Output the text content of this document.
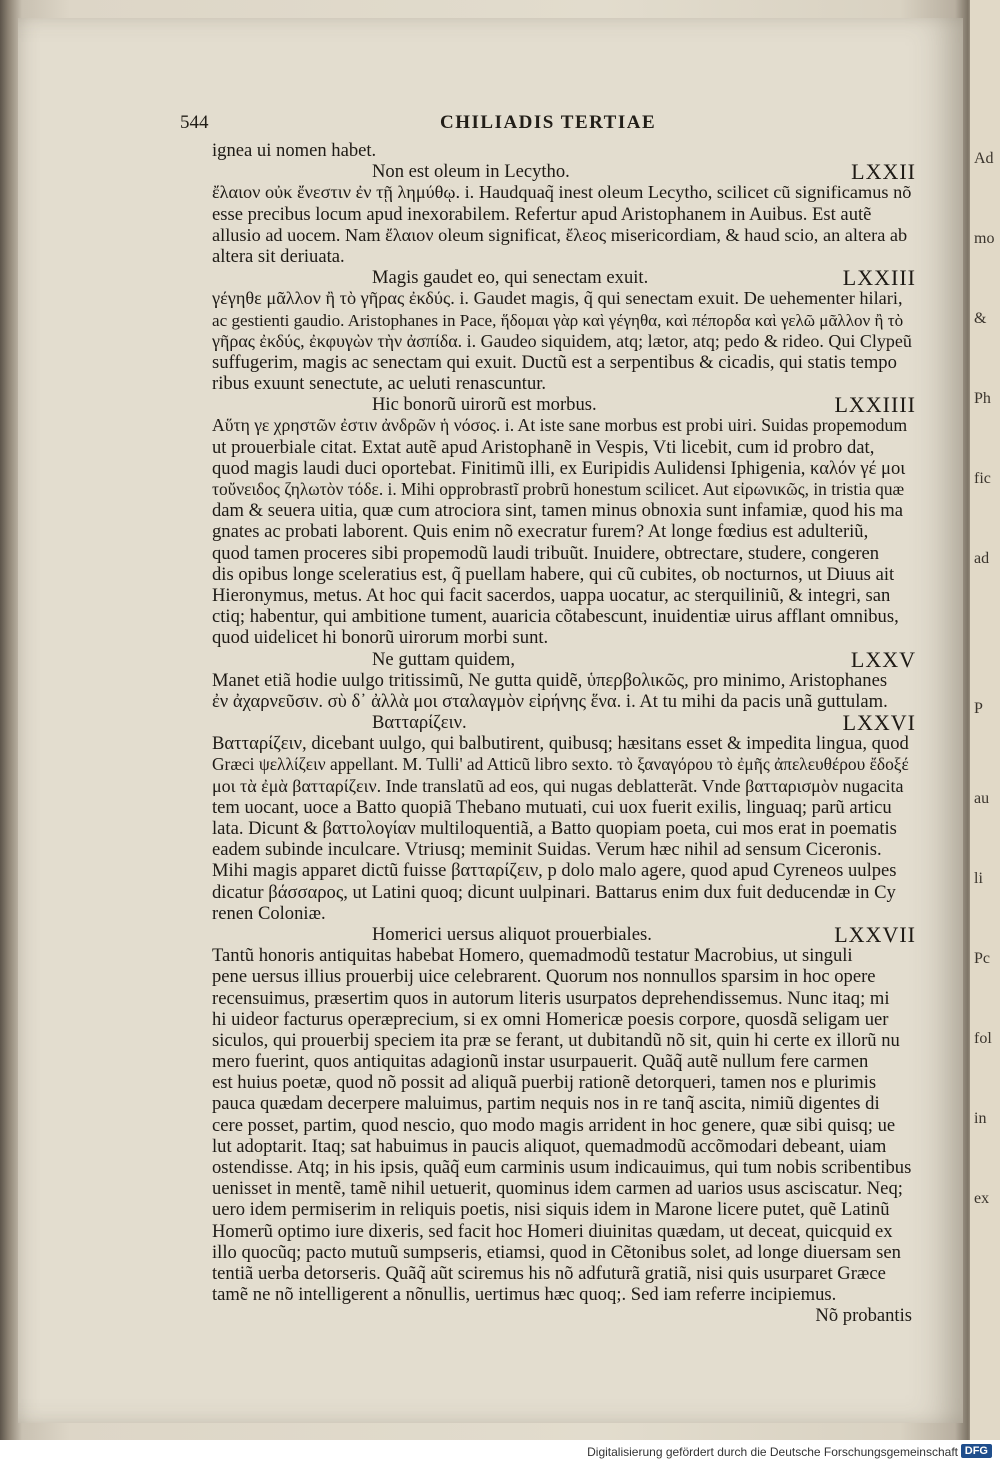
Ad
mo
&
Ph
fic
ad
P
au
li
Pc
fol
in
ex
544	CHILIADIS TERTIAE
ignea ui nomen habet.
Non est oleum in Lecytho.	LXXII
ἔλαιον οὐκ ἔνεστιν ἐν τῇ λημύθῳ. i. Haudquaq̃ inest oleum Lecytho, scilicet cũ significamus nõ
esse precibus locum apud inexorabilem. Refertur apud Aristophanem in Auibus. Est autẽ
allusio ad uocem. Nam ἔλαιον oleum significat, ἔλεος misericordiam, & haud scio, an altera ab
altera sit deriuata.
Magis gaudet eo, qui senectam exuit.	LXXIII
γέγηθε μᾶλλον ἢ τὸ γῆρας ἐκδύς. i. Gaudet magis, q̃ qui senectam exuit. De uehementer hilari,
ac gestienti gaudio. Aristophanes in Pace, ἥδομαι γὰρ καὶ γέγηθα, καὶ πέπορδα καὶ γελῶ μᾶλλον ἢ τὸ
γῆρας ἐκδύς, ἐκφυγὼν τὴν ἀσπίδα. i. Gaudeo siquidem, atq; lætor, atq; pedo & rideo. Qui Clypeũ
suffugerim, magis ac senectam qui exuit. Ductũ est a serpentibus & cicadis, qui statis tempo
ribus exuunt senectute, ac ueluti renascuntur.
Hic bonorũ uirorũ est morbus.	LXXIIII
Αὕτη γε χρηστῶν ἐστιν ἀνδρῶν ἡ νόσος. i. At iste sane morbus est probi uiri. Suidas propemodum
ut prouerbiale citat. Extat autẽ apud Aristophanẽ in Vespis, Vti licebit, cum id probro dat,
quod magis laudi duci oportebat. Finitimũ illi, ex Euripidis Aulidensi Iphigenia, καλόν γέ μοι
τοὔνειδος ζηλωτὸν τόδε. i. Mihi opprobrastĩ probrũ honestum scilicet. Aut εἰρωνικῶς, in tristia quæ
dam & seuera uitia, quæ cum atrociora sint, tamen minus obnoxia sunt infamiæ, quod his ma
gnates ac probati laborent. Quis enim nõ execratur furem? At longe fœdius est adulteriũ,
quod tamen proceres sibi propemodũ laudi tribuũt. Inuidere, obtrectare, studere, congeren
dis opibus longe sceleratius est, q̃ puellam habere, qui cũ cubites, ob nocturnos, ut Diuus ait
Hieronymus, metus. At hoc qui facit sacerdos, uappa uocatur, ac sterquiliniũ, & integri, san
ctiq; habentur, qui ambitione tument, auaricia cõtabescunt, inuidentiæ uirus afflant omnibus,
quod uidelicet hi bonorũ uirorum morbi sunt.
Ne guttam quidem,	LXXV
Manet etiã hodie uulgo tritissimũ, Ne gutta quidẽ, ὑπερβολικῶς, pro minimo, Aristophanes
ἐν ἀχαρνεῦσιν. σὺ δ᾽ ἀλλὰ μοι σταλαγμὸν εἰρήνης ἕνα. i. At tu mihi da pacis unã guttulam.
Βατταρίζειν.	LXXVI
Βατταρίζειν, dicebant uulgo, qui balbutirent, quibusq; hæsitans esset & impedita lingua, quod
Græci ψελλίζειν appellant. M. Tulli' ad Atticũ libro sexto. τὸ ξαναγόρου τὸ ἐμῆς ἀπελευθέρου ἔδοξέ
μοι τὰ ἐμὰ βατταρίζειν. Inde translatũ ad eos, qui nugas deblatterãt. Vnde βατταρισμὸν nugacita
tem uocant, uoce a Batto quopiã Thebano mutuati, cui uox fuerit exilis, linguaq; parũ articu
lata. Dicunt & βαττολογίαν multiloquentiã, a Batto quopiam poeta, cui mos erat in poematis
eadem subinde inculcare. Vtriusq; meminit Suidas. Verum hæc nihil ad sensum Ciceronis.
Mihi magis apparet dictũ fuisse βατταρίζειν, p dolo malo agere, quod apud Cyreneos uulpes
dicatur βάσσαρος, ut Latini quoq; dicunt uulpinari. Battarus enim dux fuit deducendæ in Cy
renen Coloniæ.
Homerici uersus aliquot prouerbiales.	LXXVII
Tantũ honoris antiquitas habebat Homero, quemadmodũ testatur Macrobius, ut singuli
pene uersus illius prouerbij uice celebrarent. Quorum nos nonnullos sparsim in hoc opere
recensuimus, præsertim quos in autorum literis usurpatos deprehendissemus. Nunc itaq; mi
hi uideor facturus operæprecium, si ex omni Homericæ poesis corpore, quosdã seligam uer
siculos, qui prouerbij speciem ita præ se ferant, ut dubitandũ nõ sit, quin hi certe ex illorũ nu
mero fuerint, quos antiquitas adagionũ instar usurpauerit. Quãq̃ autẽ nullum fere carmen
est huius poetæ, quod nõ possit ad aliquã puerbij rationẽ detorqueri, tamen nos e plurimis
pauca quædam decerpere maluimus, partim nequis nos in re tanq̃ ascita, nimiũ digentes di
cere posset, partim, quod nescio, quo modo magis arrident in hoc genere, quæ sibi quisq; ue
lut adoptarit. Itaq; sat habuimus in paucis aliquot, quemadmodũ accõmodari debeant, uiam
ostendisse. Atq; in his ipsis, quãq̃ eum carminis usum indicauimus, qui tum nobis scribentibus
uenisset in mentẽ, tamẽ nihil uetuerit, quominus idem carmen ad uarios usus asciscatur. Neq;
uero idem permiserim in reliquis poetis, nisi siquis idem in Marone licere putet, quẽ Latinũ
Homerũ optimo iure dixeris, sed facit hoc Homeri diuinitas quædam, ut deceat, quicquid ex
illo quocũq; pacto mutuũ sumpseris, etiamsi, quod in Cẽtonibus solet, ad longe diuersam sen
tentiã uerba detorseris. Quãq̃ aũt sciremus his nõ adfuturã gratiã, nisi quis usurparet Græce
tamẽ ne nõ intelligerent a nõnullis, uertimus hæc quoq;. Sed iam referre incipiemus.
Nõ probantis
Digitalisierung gefördert durch die Deutsche Forschungsgemeinschaft DFG
